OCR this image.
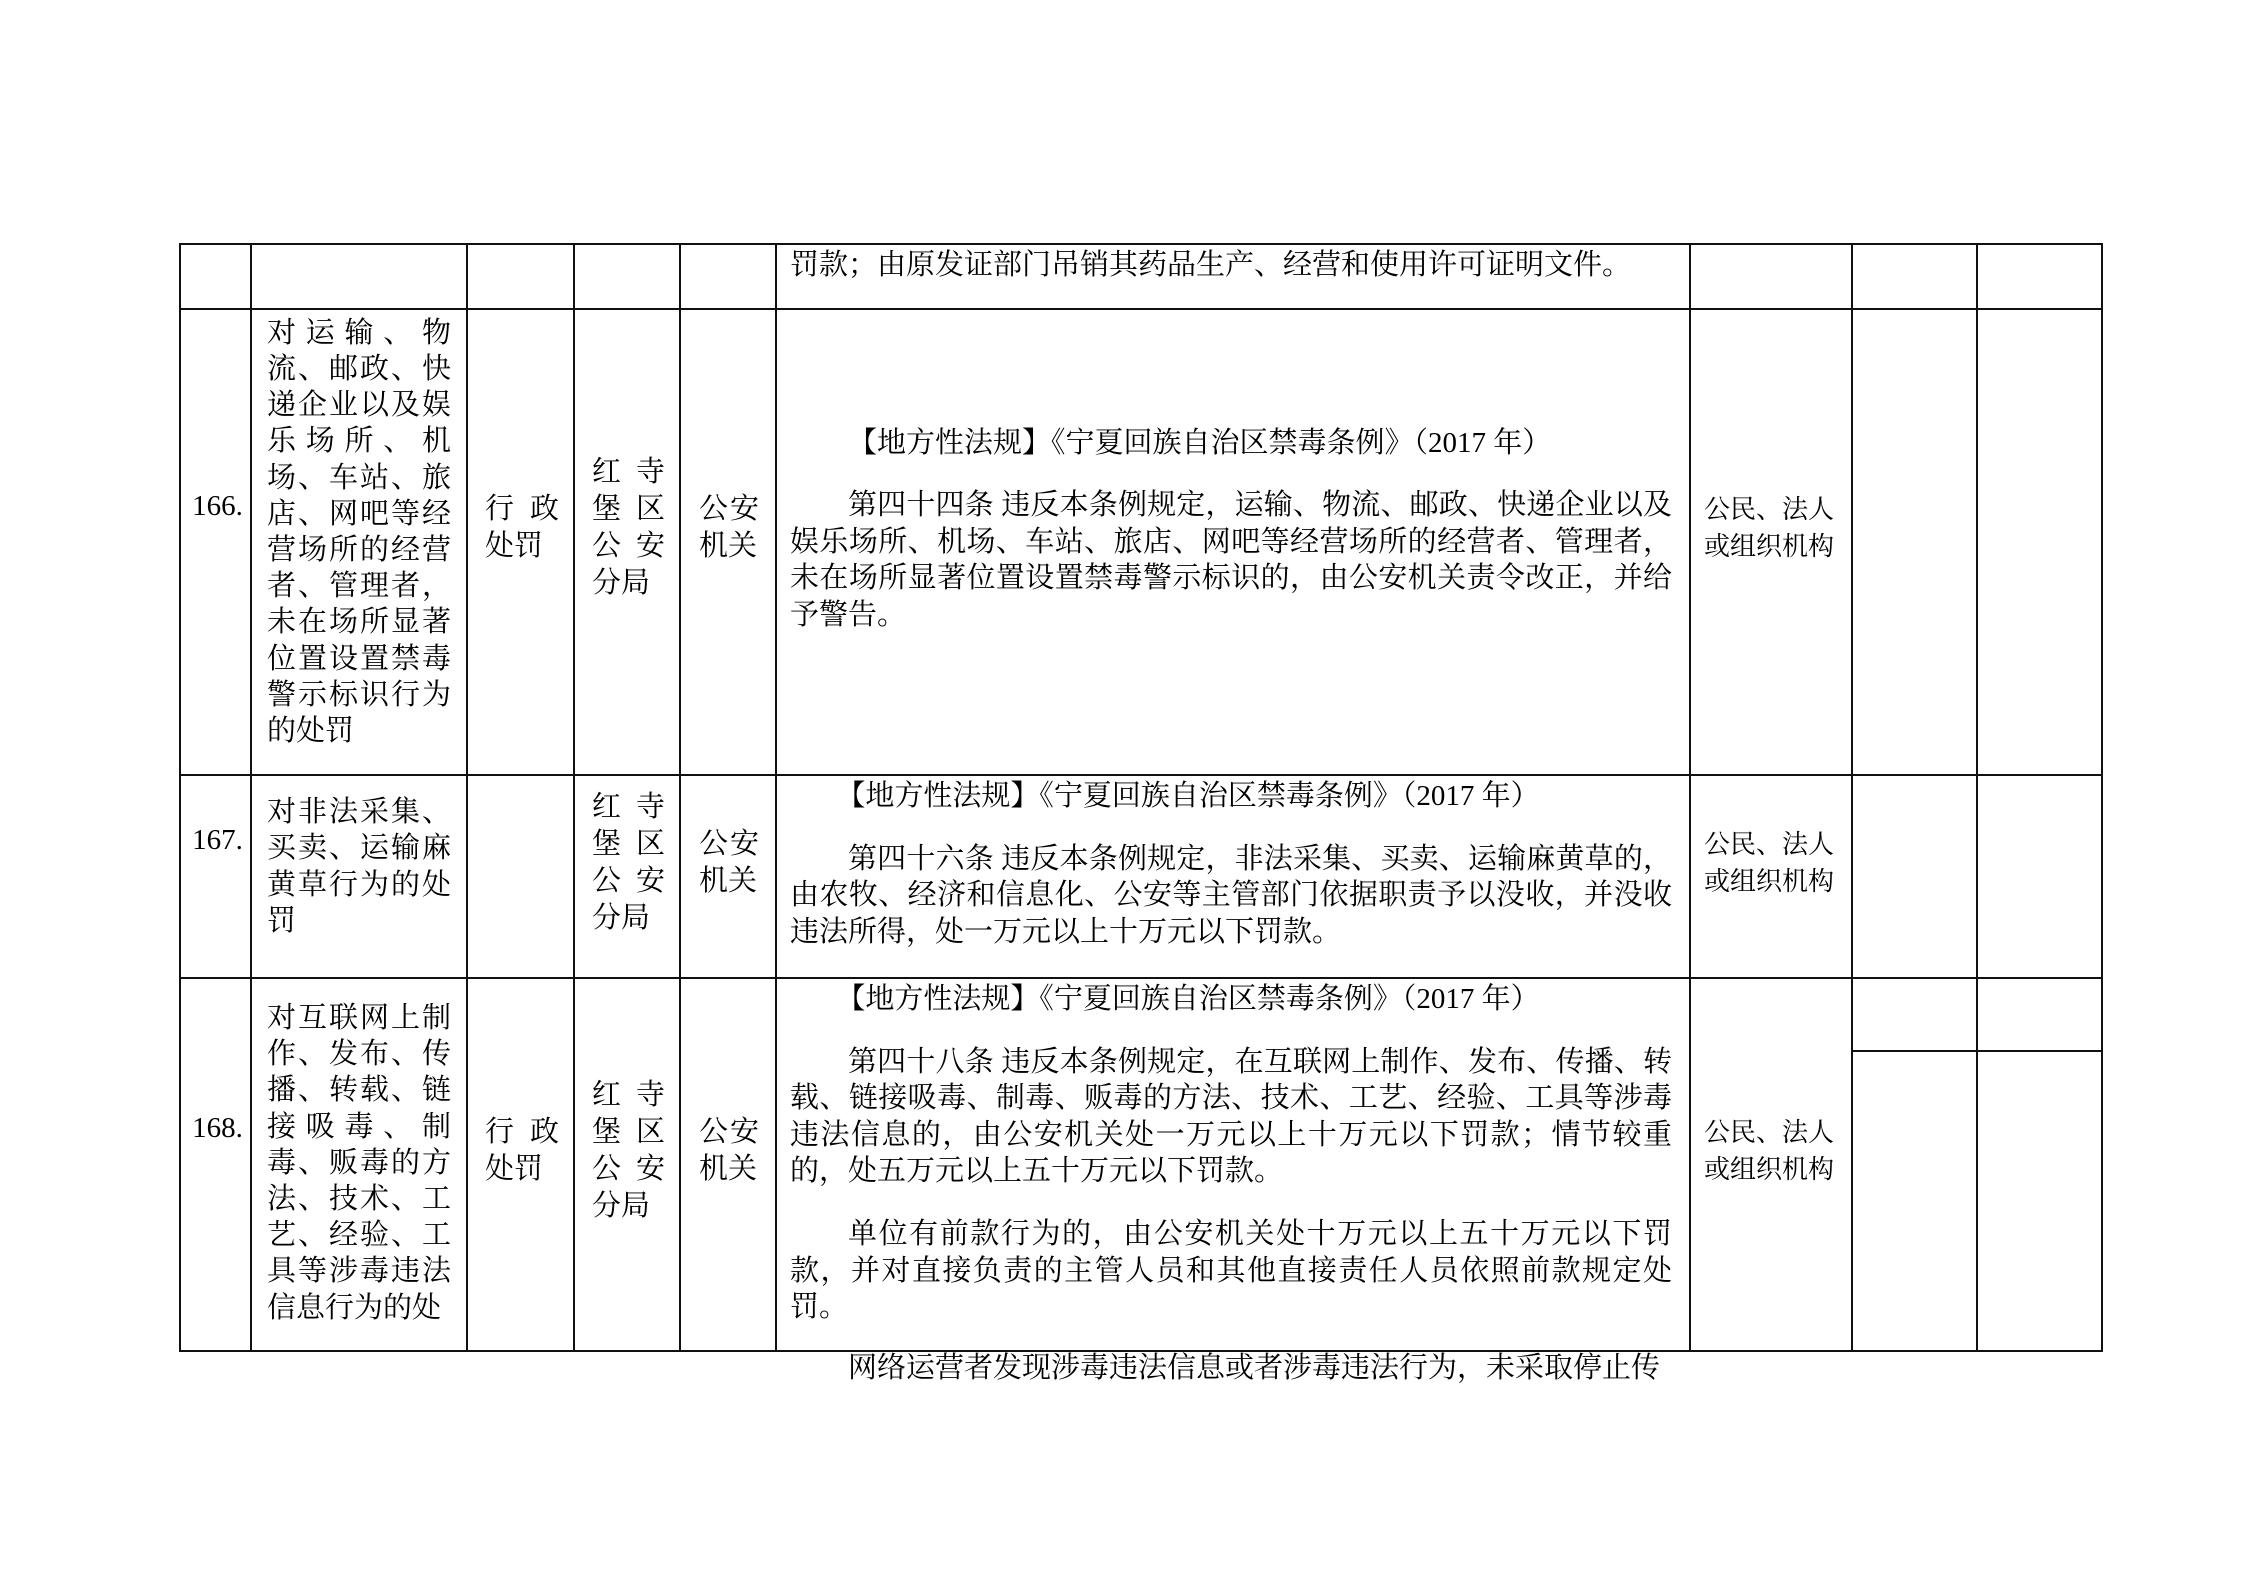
					罚款；由原发证部门吊销其药品生产、经营和使用许可证明文件。			

166.	对运输、物流、邮政、快递企业以及娱乐场所、机场、车站、旅店、网吧等经营场所的经营者、管理者，未在场所显著位置设置禁毒警示标识行为的处罚	行政处罚	红寺堡区公安分局	公安机关	【地方性法规】《宁夏回族自治区禁毒条例》（2017 年）

第四十四条 违反本条例规定，运输、物流、邮政、快递企业以及娱乐场所、机场、车站、旅店、网吧等经营场所的经营者、管理者，未在场所显著位置设置禁毒警示标识的，由公安机关责令改正，并给予警告。	公民、法人或组织机构		

167.	对非法采集、买卖、运输麻黄草行为的处罚		红寺堡区公安分局	公安机关	【地方性法规】《宁夏回族自治区禁毒条例》（2017 年）

第四十六条 违反本条例规定，非法采集、买卖、运输麻黄草的，由农牧、经济和信息化、公安等主管部门依据职责予以没收，并没收违法所得，处一万元以上十万元以下罚款。	公民、法人或组织机构		

168.	对互联网上制作、发布、传播、转载、链接吸毒、制毒、贩毒的方法、技术、工艺、经验、工具等涉毒违法信息行为的处	行政处罚	红寺堡区公安分局	公安机关	【地方性法规】《宁夏回族自治区禁毒条例》（2017 年）

第四十八条 违反本条例规定，在互联网上制作、发布、传播、转载、链接吸毒、制毒、贩毒的方法、技术、工艺、经验、工具等涉毒违法信息的，由公安机关处一万元以上十万元以下罚款；情节较重的，处五万元以上五十万元以下罚款。

单位有前款行为的，由公安机关处十万元以上五十万元以下罚款，并对直接负责的主管人员和其他直接责任人员依照前款规定处罚。

网络运营者发现涉毒违法信息或者涉毒违法行为，未采取停止传	公民、法人或组织机构		
